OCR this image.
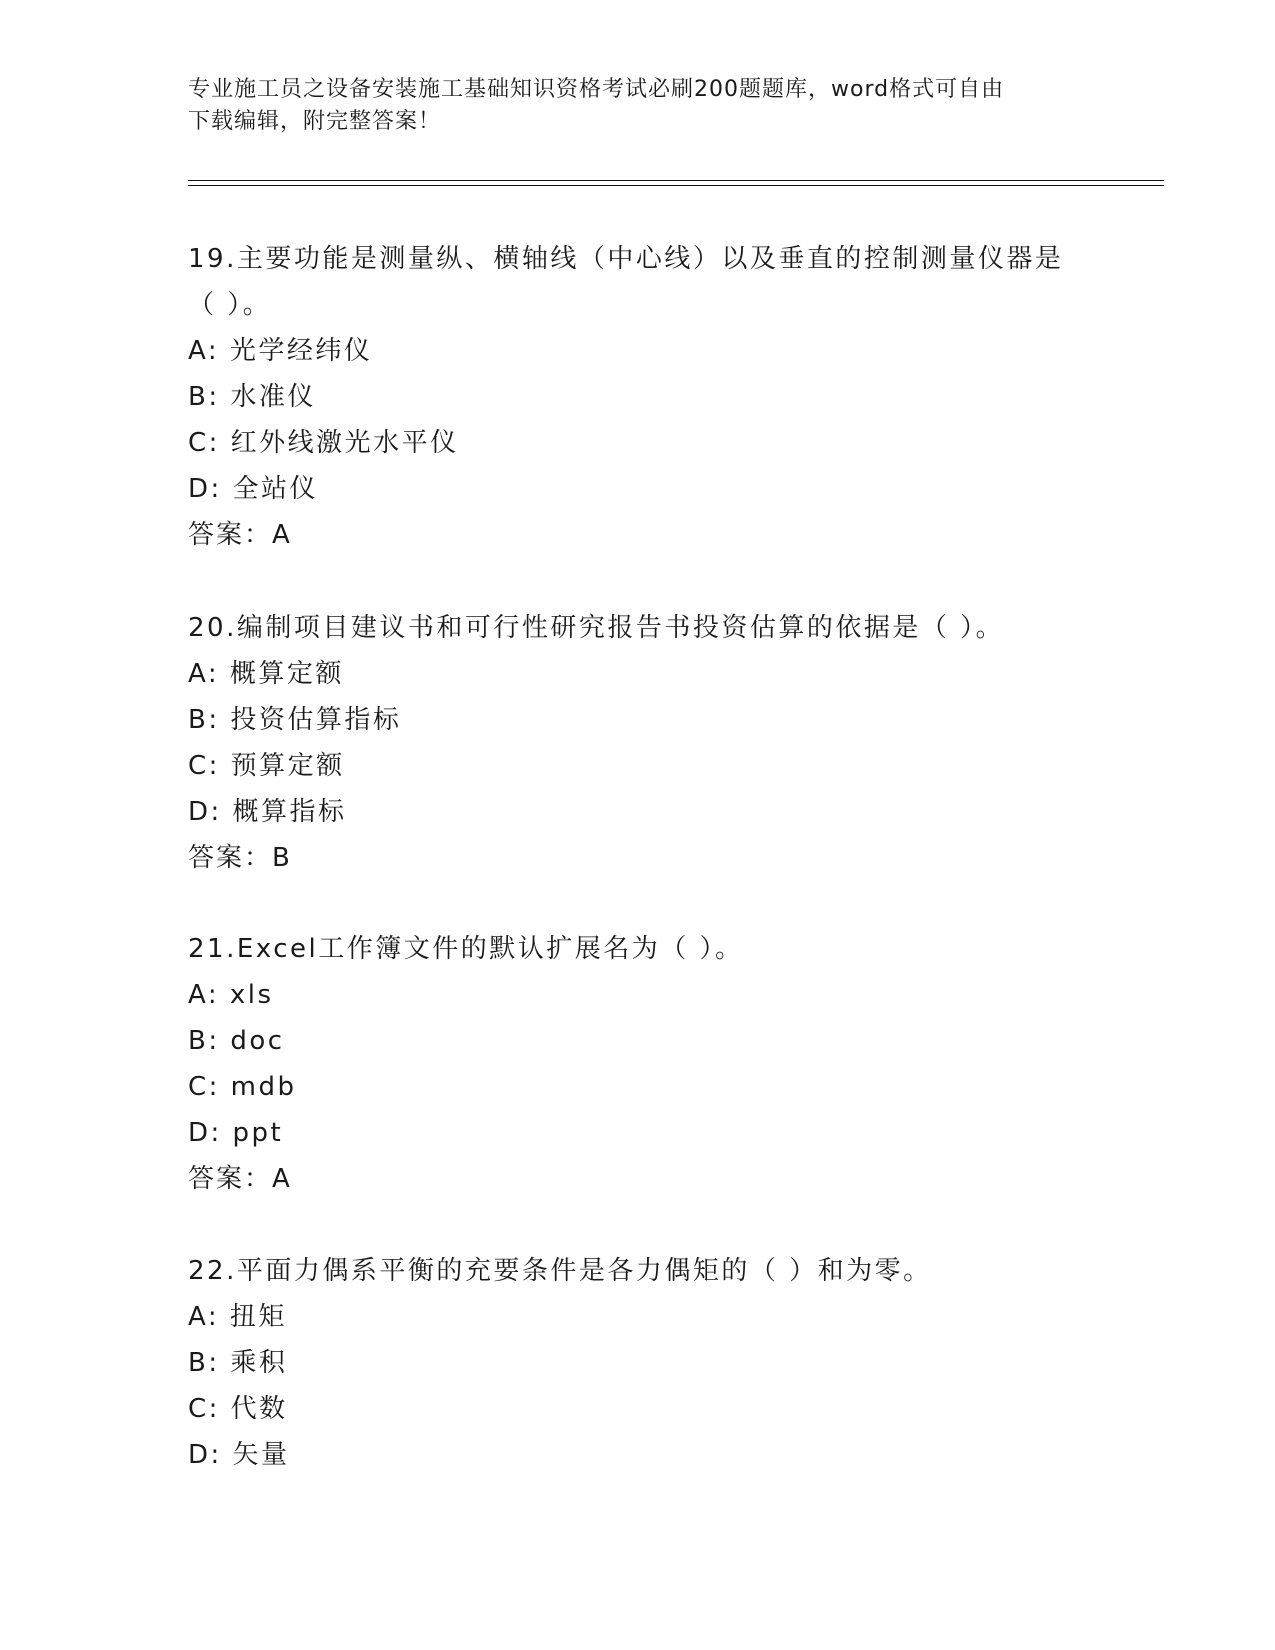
专业施工员之设备安装施工基础知识资格考试必刷200题题库，word格式可自由
下载编辑，附完整答案！

19.主要功能是测量纵、横轴线（中心线）以及垂直的控制测量仪器是

（ ）。

A: 光学经纬仪

B: 水准仪

C: 红外线激光水平仪

D: 全站仪

答案：A

20.编制项目建议书和可行性研究报告书投资估算的依据是（ ）。

A: 概算定额

B: 投资估算指标

C: 预算定额

D: 概算指标

答案：B

21.Excel工作簿文件的默认扩展名为（ ）。

A: xls

B: doc

C: mdb

D: ppt

答案：A

22.平面力偶系平衡的充要条件是各力偶矩的（ ）和为零。

A: 扭矩

B: 乘积

C: 代数

D: 矢量
